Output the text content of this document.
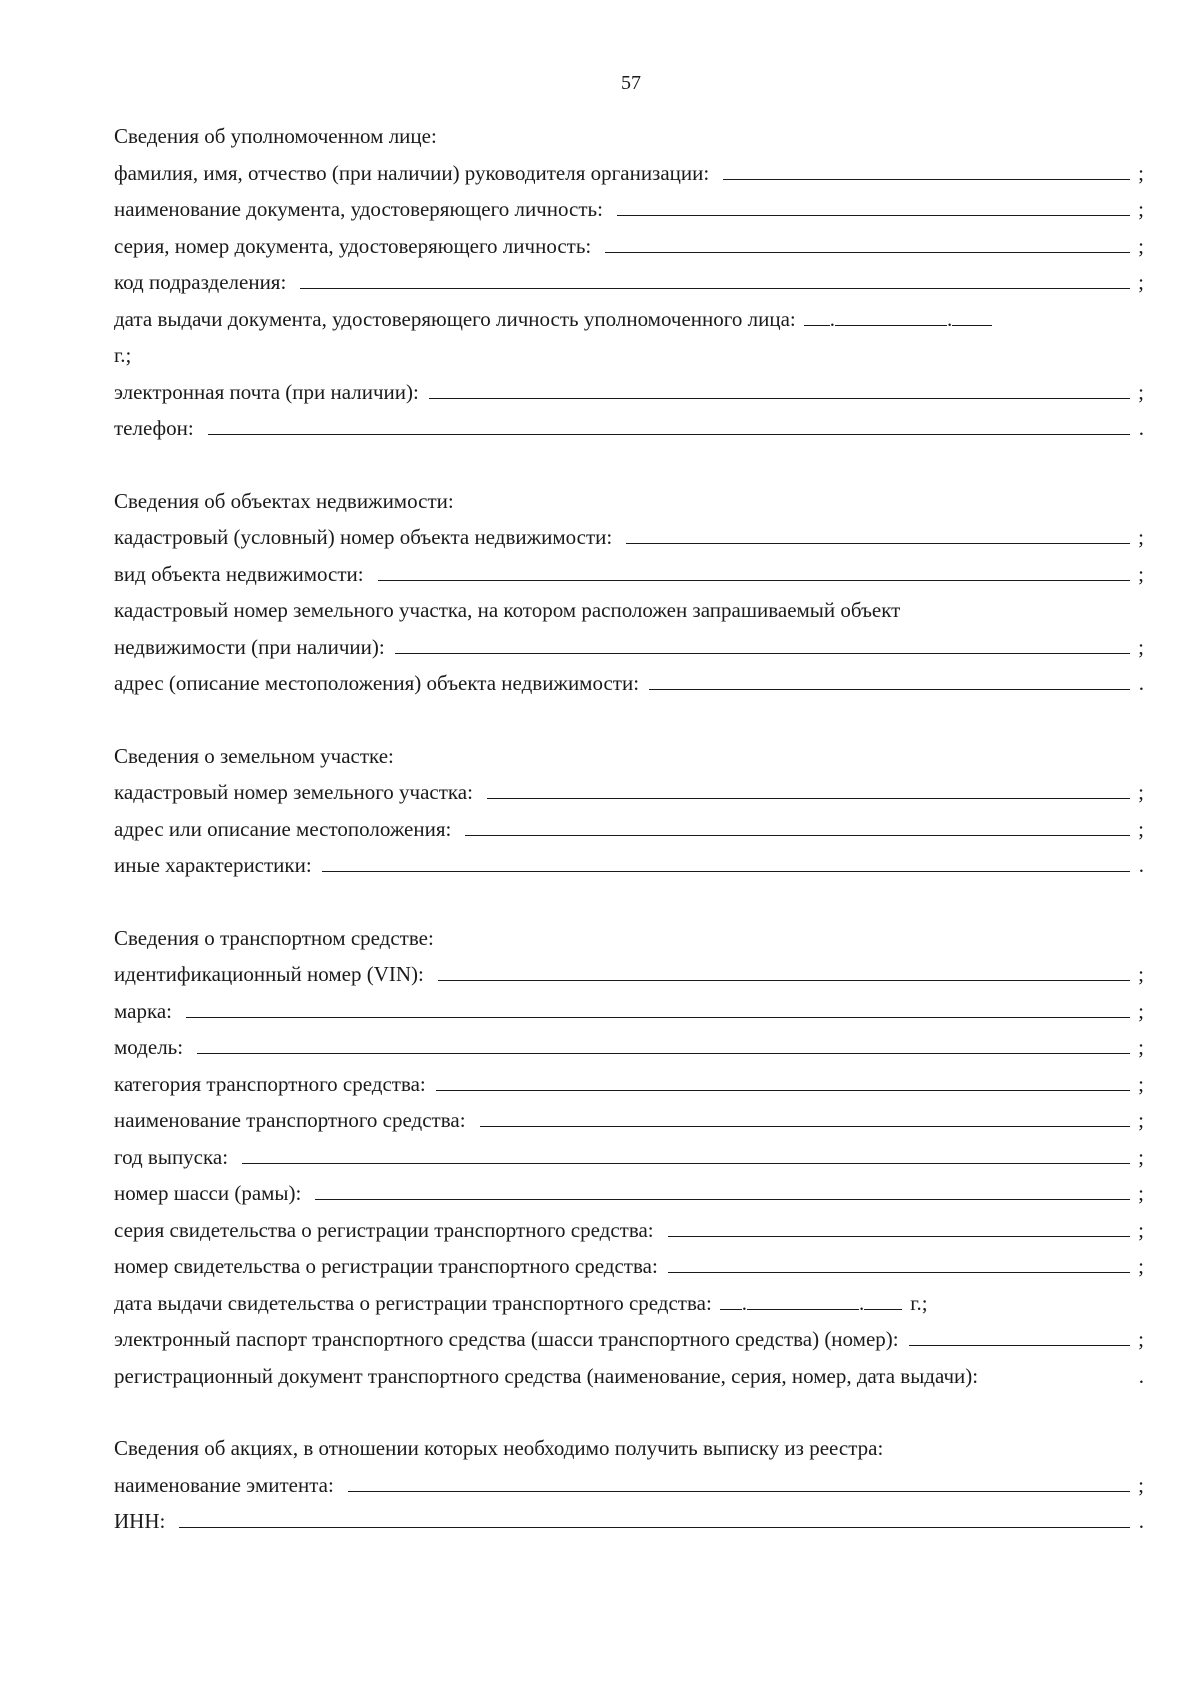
57
Сведения об уполномоченном лице:
фамилия, имя, отчество (при наличии) руководителя организации:	;
наименование документа, удостоверяющего личность:	;
серия, номер документа, удостоверяющего личность:	;
код подразделения:	;
дата выдачи документа, удостоверяющего личность уполномоченного лица: .	.
г.;
электронная почта (при наличии):	;
телефон:	.
Сведения об объектах недвижимости:
кадастровый (условный) номер объекта недвижимости:	;
вид объекта недвижимости:	;
кадастровый номер земельного участка, на котором расположен запрашиваемый объект
недвижимости (при наличии):	;
адрес (описание местоположения) объекта недвижимости:	.
Сведения о земельном участке:
кадастровый номер земельного участка:	;
адрес или описание местоположения:	;
иные характеристики:	.
Сведения о транспортном средстве:
идентификационный номер (VIN):	;
марка:	;
модель:	;
категория транспортного средства:	;
наименование транспортного средства:	;
год выпуска:	;
номер шасси (рамы):	;
серия свидетельства о регистрации транспортного средства:	;
номер свидетельства о регистрации транспортного средства:	;
дата выдачи свидетельства о регистрации транспортного средства: .	. г.;
электронный паспорт транспортного средства (шасси транспортного средства) (номер):	;
регистрационный документ транспортного средства (наименование, серия, номер, дата выдачи):	.
Сведения об акциях, в отношении которых необходимо получить выписку из реестра:
наименование эмитента:	;
ИНН:	.
